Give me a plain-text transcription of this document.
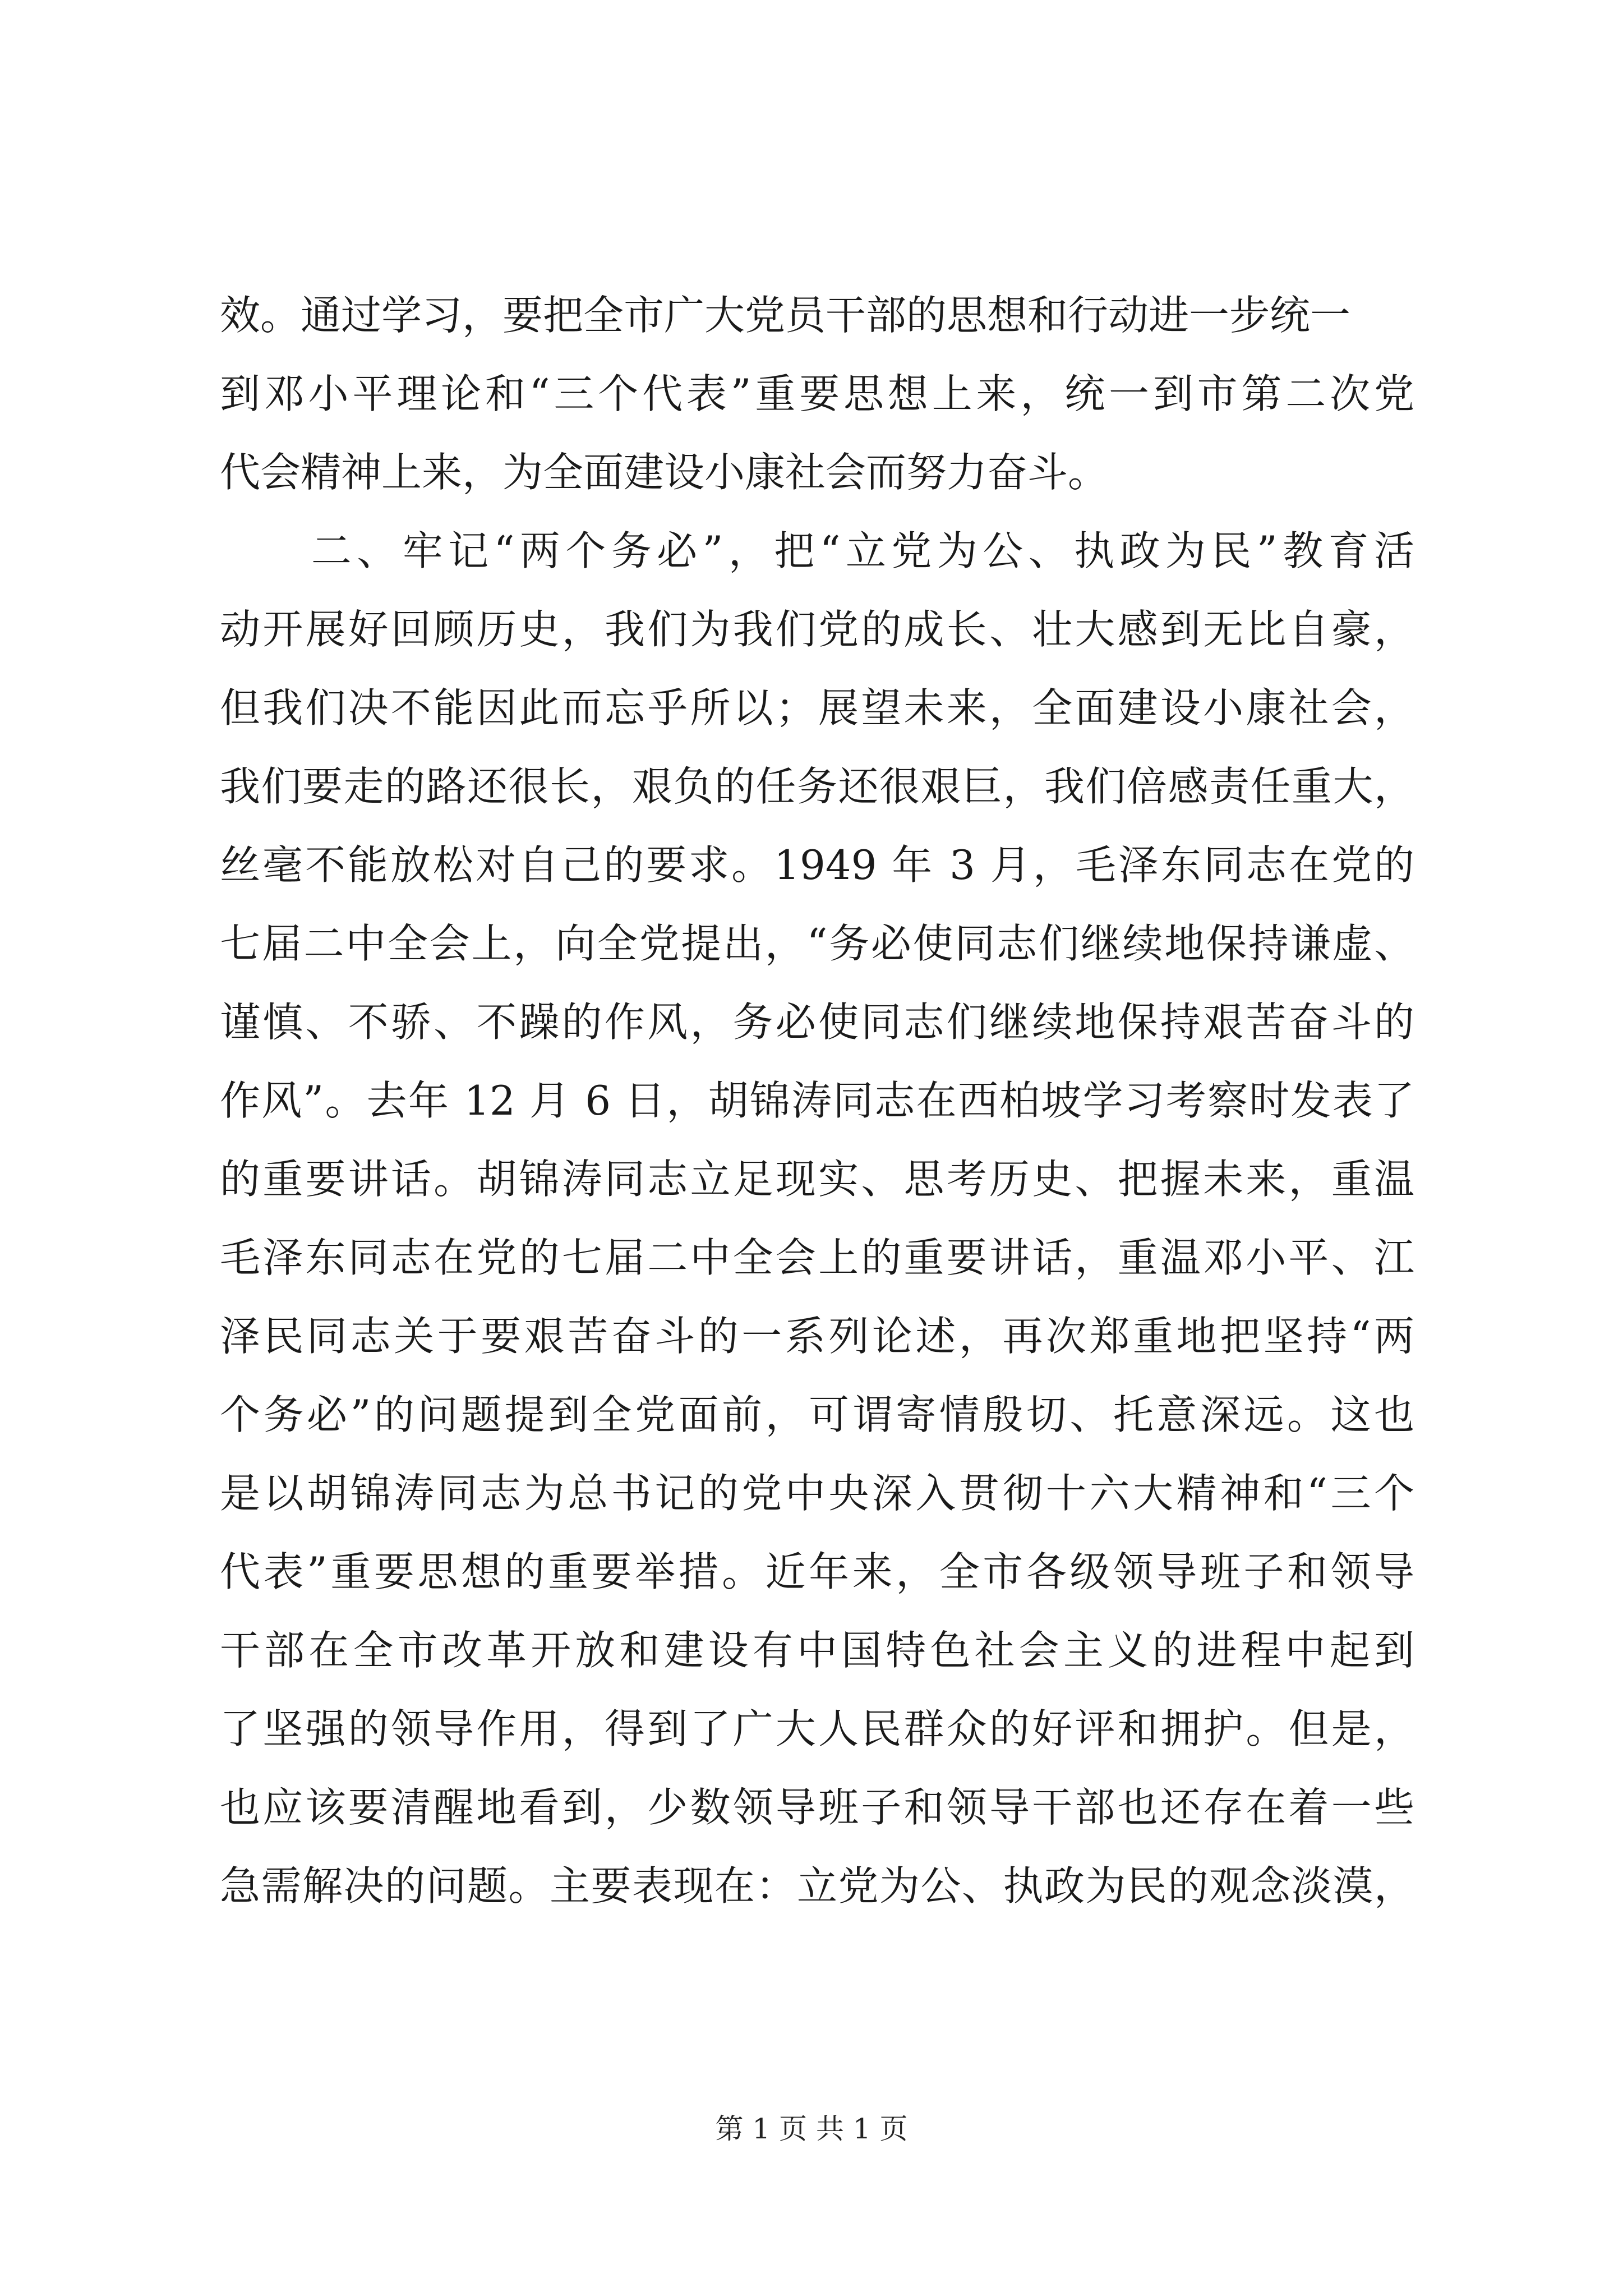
效。通过学习，要把全市广大党员干部的思想和行动进一步统一
到邓小平理论和“三个代表”重要思想上来，统一到市第二次党
代会精神上来，为全面建设小康社会而努力奋斗。
　　二、牢记“两个务必”，把“立党为公、执政为民”教育活
动开展好回顾历史，我们为我们党的成长、壮大感到无比自豪，
但我们决不能因此而忘乎所以；展望未来，全面建设小康社会，
我们要走的路还很长，艰负的任务还很艰巨，我们倍感责任重大，
丝毫不能放松对自己的要求。1949 年 3 月，毛泽东同志在党的
七届二中全会上，向全党提出，“务必使同志们继续地保持谦虚、
谨慎、不骄、不躁的作风，务必使同志们继续地保持艰苦奋斗的
作风”。去年 12 月 6 日，胡锦涛同志在西柏坡学习考察时发表了
的重要讲话。胡锦涛同志立足现实、思考历史、把握未来，重温
毛泽东同志在党的七届二中全会上的重要讲话，重温邓小平、江
泽民同志关于要艰苦奋斗的一系列论述，再次郑重地把坚持“两
个务必”的问题提到全党面前，可谓寄情殷切、托意深远。这也
是以胡锦涛同志为总书记的党中央深入贯彻十六大精神和“三个
代表”重要思想的重要举措。近年来，全市各级领导班子和领导
干部在全市改革开放和建设有中国特色社会主义的进程中起到
了坚强的领导作用，得到了广大人民群众的好评和拥护。但是，
也应该要清醒地看到，少数领导班子和领导干部也还存在着一些
急需解决的问题。主要表现在：立党为公、执政为民的观念淡漠，
第 1 页 共 1 页
